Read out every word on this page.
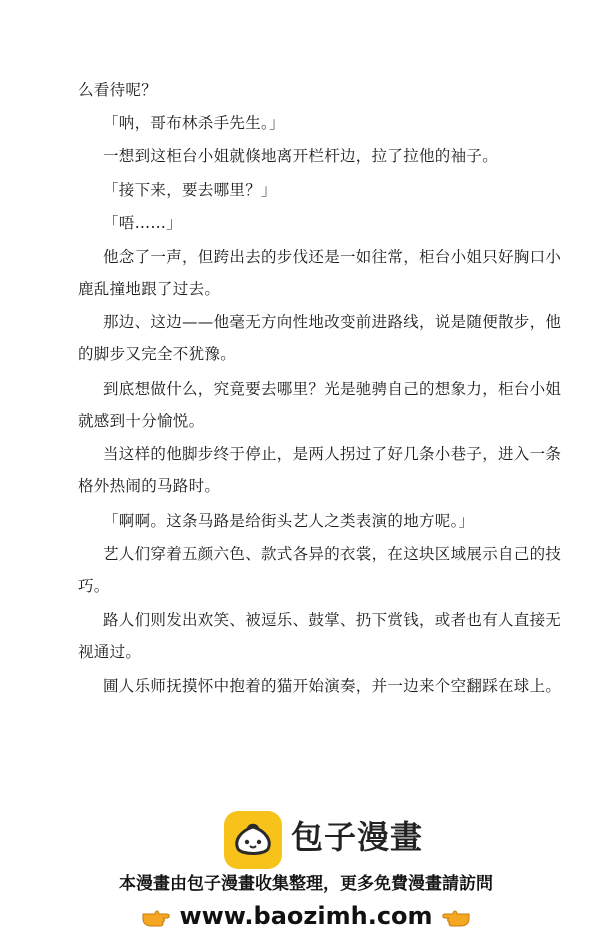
么看待呢？

「呐，哥布林杀手先生。」

一想到这柜台小姐就倏地离开栏杆边，拉了拉他的袖子。

「接下来，要去哪里？」

「唔……」

他念了一声，但跨出去的步伐还是一如往常，柜台小姐只好胸口小
鹿乱撞地跟了过去。

那边、这边——他毫无方向性地改变前进路线，说是随便散步，他
的脚步又完全不犹豫。

到底想做什么，究竟要去哪里？光是驰骋自己的想象力，柜台小姐
就感到十分愉悦。

当这样的他脚步终于停止，是两人拐过了好几条小巷子，进入一条
格外热闹的马路时。

「啊啊。这条马路是给街头艺人之类表演的地方呢。」

艺人们穿着五颜六色、款式各异的衣裳，在这块区域展示自己的技
巧。

路人们则发出欢笑、被逗乐、鼓掌、扔下赏钱，或者也有人直接无
视通过。

圃人乐师抚摸怀中抱着的猫开始演奏，并一边来个空翻踩在球上。

包子漫畫
本漫畫由包子漫畫收集整理，更多免費漫畫請訪問
www.baozimh.com
